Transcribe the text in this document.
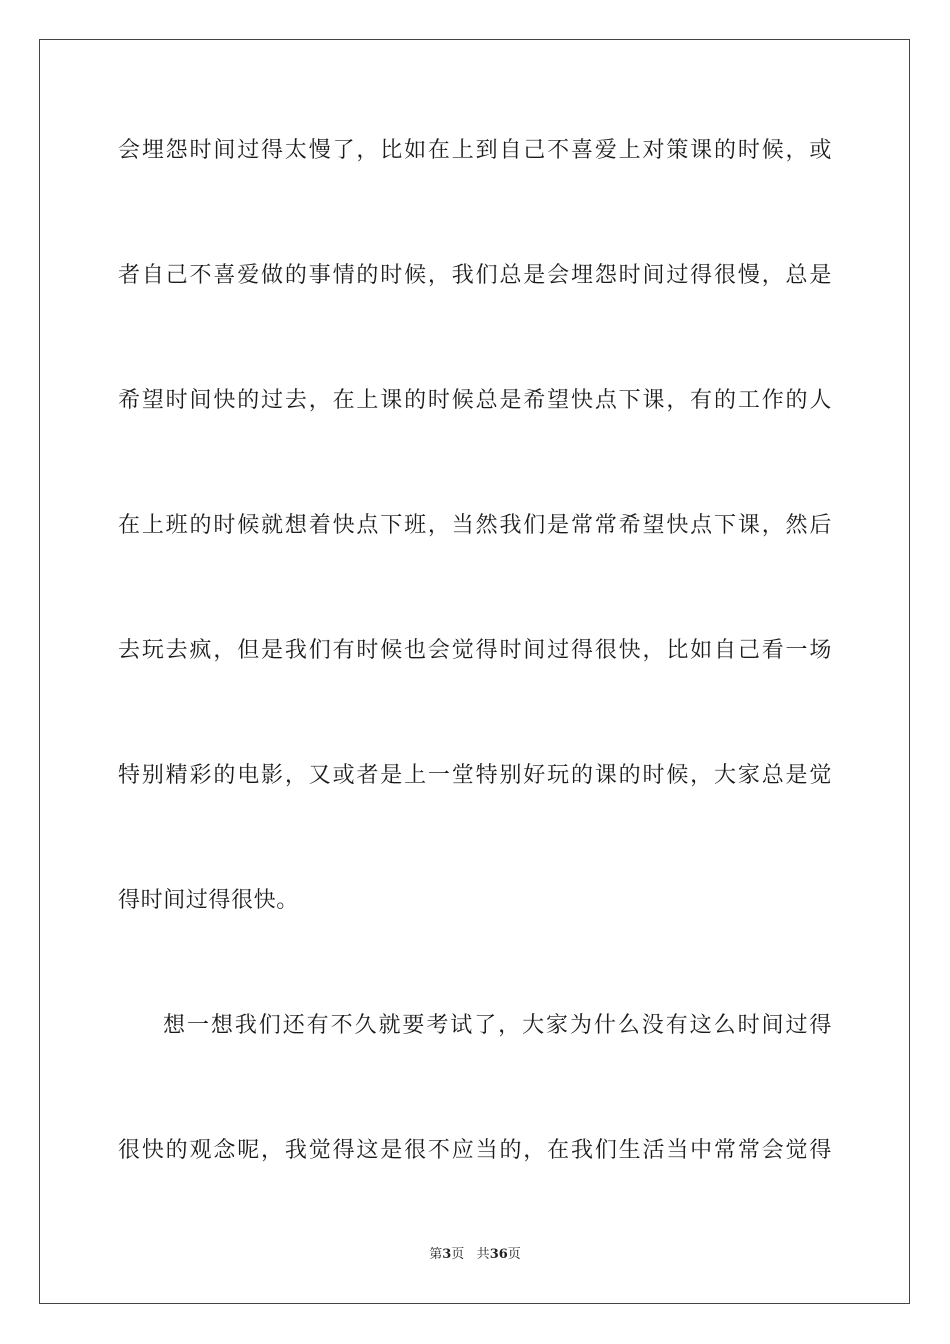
会埋怨时间过得太慢了，比如在上到自己不喜爱上对策课的时候，或
者自己不喜爱做的事情的时候，我们总是会埋怨时间过得很慢，总是
希望时间快的过去，在上课的时候总是希望快点下课，有的工作的人
在上班的时候就想着快点下班，当然我们是常常希望快点下课，然后
去玩去疯，但是我们有时候也会觉得时间过得很快，比如自己看一场
特别精彩的电影，又或者是上一堂特别好玩的课的时候，大家总是觉
得时间过得很快。
想一想我们还有不久就要考试了，大家为什么没有这么时间过得
很快的观念呢，我觉得这是很不应当的，在我们生活当中常常会觉得
第3页 共36页
